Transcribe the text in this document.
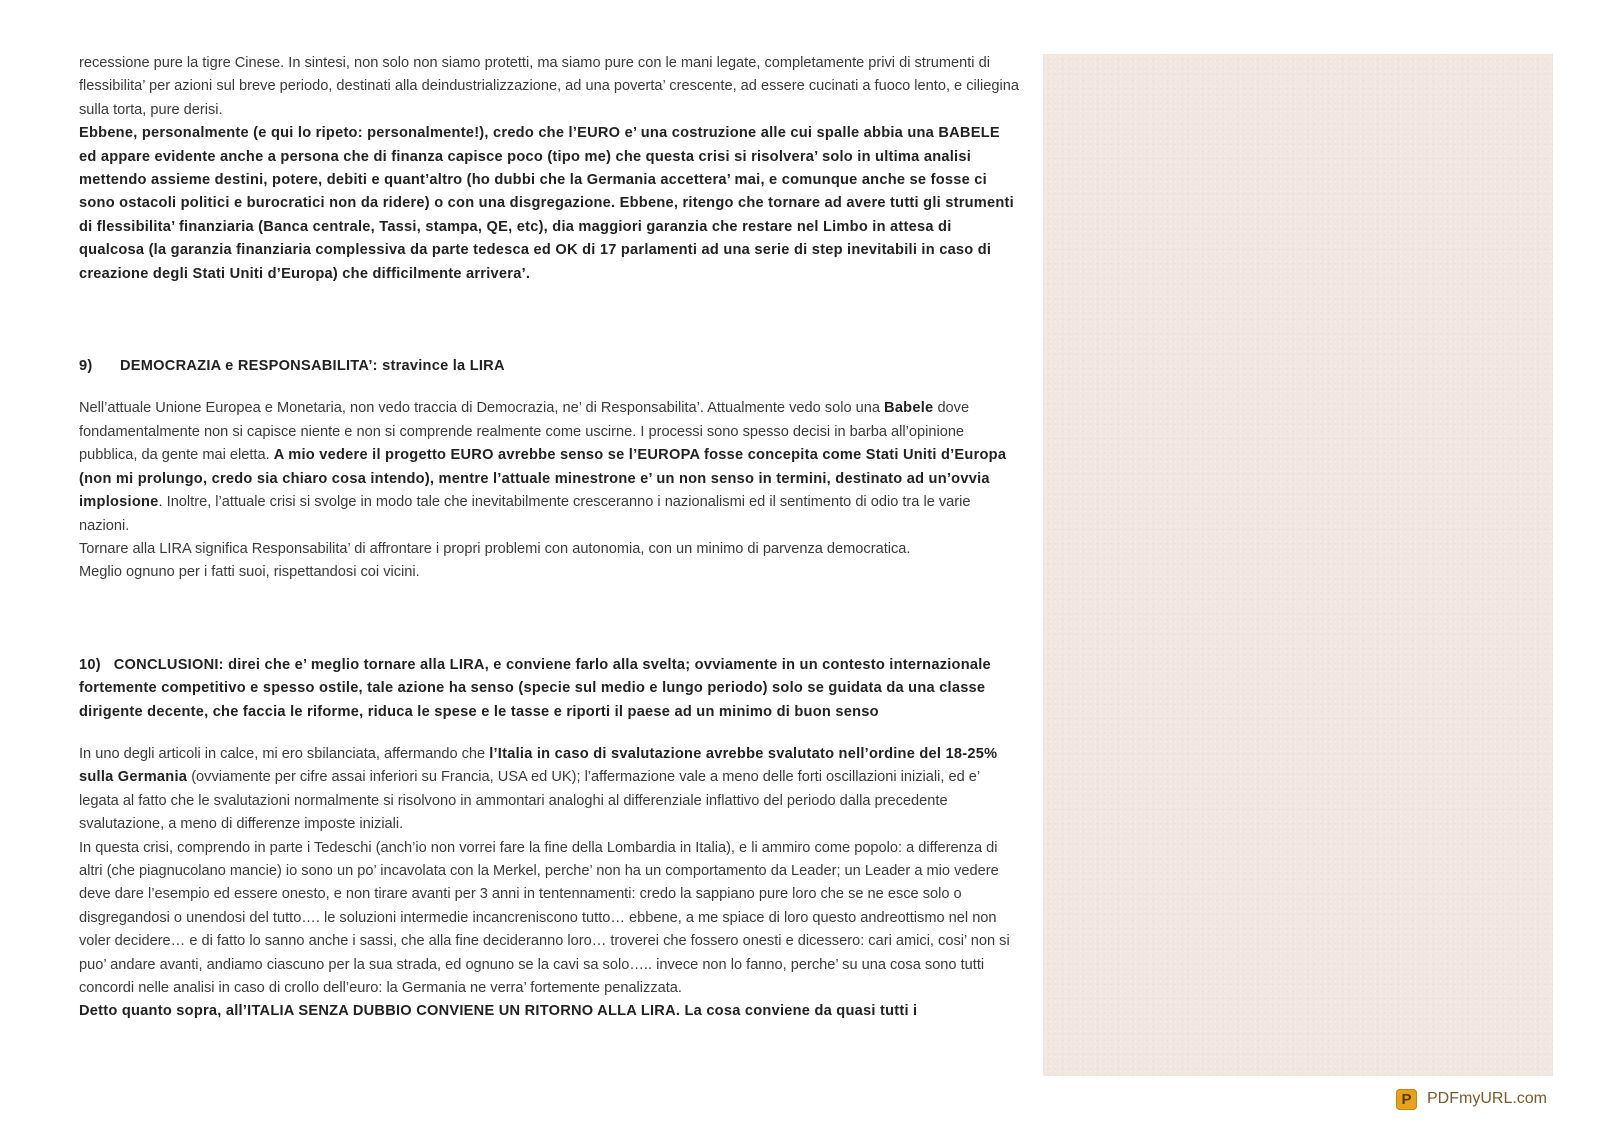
recessione pure la tigre Cinese. In sintesi, non solo non siamo protetti, ma siamo pure con le mani legate, completamente privi di strumenti di flessibilita’ per azioni sul breve periodo, destinati alla deindustrializzazione, ad una poverta’ crescente, ad essere cucinati a fuoco lento, e ciliegina sulla torta, pure derisi.

Ebbene, personalmente (e qui lo ripeto: personalmente!), credo che l’EURO e’ una costruzione alle cui spalle abbia una BABELE ed appare evidente anche a persona che di finanza capisce poco (tipo me) che questa crisi si risolvera’ solo in ultima analisi mettendo assieme destini, potere, debiti e quant’altro (ho dubbi che la Germania accettera’ mai, e comunque anche se fosse ci sono ostacoli politici e burocratici non da ridere) o con una disgregazione. Ebbene, ritengo che tornare ad avere tutti gli strumenti di flessibilita’ finanziaria (Banca centrale, Tassi, stampa, QE, etc), dia maggiori garanzia che restare nel Limbo in attesa di qualcosa (la garanzia finanziaria complessiva da parte tedesca ed OK di 17 parlamenti ad una serie di step inevitabili in caso di creazione degli Stati Uniti d’Europa) che difficilmente arrivera’.

9) DEMOCRAZIA e RESPONSABILITA’: stravince la LIRA

Nell’attuale Unione Europea e Monetaria, non vedo traccia di Democrazia, ne’ di Responsabilita’. Attualmente vedo solo una Babele dove fondamentalmente non si capisce niente e non si comprende realmente come uscirne. I processi sono spesso decisi in barba all’opinione pubblica, da gente mai eletta. A mio vedere il progetto EURO avrebbe senso se l’EUROPA fosse concepita come Stati Uniti d’Europa (non mi prolungo, credo sia chiaro cosa intendo), mentre l’attuale minestrone e’ un non senso in termini, destinato ad un’ovvia implosione. Inoltre, l’attuale crisi si svolge in modo tale che inevitabilmente cresceranno i nazionalismi ed il sentimento di odio tra le varie nazioni.

Tornare alla LIRA significa Responsabilita’ di affrontare i propri problemi con autonomia, con un minimo di parvenza democratica.

Meglio ognuno per i fatti suoi, rispettandosi coi vicini.

10) CONCLUSIONI: direi che e’ meglio tornare alla LIRA, e conviene farlo alla svelta; ovviamente in un contesto internazionale fortemente competitivo e spesso ostile, tale azione ha senso (specie sul medio e lungo periodo) solo se guidata da una classe dirigente decente, che faccia le riforme, riduca le spese e le tasse e riporti il paese ad un minimo di buon senso

In uno degli articoli in calce, mi ero sbilanciata, affermando che l’Italia in caso di svalutazione avrebbe svalutato nell’ordine del 18-25% sulla Germania (ovviamente per cifre assai inferiori su Francia, USA ed UK); l’affermazione vale a meno delle forti oscillazioni iniziali, ed e’ legata al fatto che le svalutazioni normalmente si risolvono in ammontari analoghi al differenziale inflattivo del periodo dalla precedente svalutazione, a meno di differenze imposte iniziali.

In questa crisi, comprendo in parte i Tedeschi (anch’io non vorrei fare la fine della Lombardia in Italia), e li ammiro come popolo: a differenza di altri (che piagnucolano mancie) io sono un po’ incavolata con la Merkel, perche’ non ha un comportamento da Leader; un Leader a mio vedere deve dare l’esempio ed essere onesto, e non tirare avanti per 3 anni in tentennamenti: credo la sappiano pure loro che se ne esce solo o disgregandosi o unendosi del tutto…. le soluzioni intermedie incancreniscono tutto… ebbene, a me spiace di loro questo andreottismo nel non voler decidere… e di fatto lo sanno anche i sassi, che alla fine decideranno loro… troverei che fossero onesti e dicessero: cari amici, cosi’ non si puo’ andare avanti, andiamo ciascuno per la sua strada, ed ognuno se la cavi sa solo….. invece non lo fanno, perche’ su una cosa sono tutti concordi nelle analisi in caso di crollo dell’euro: la Germania ne verra’ fortemente penalizzata.

Detto quanto sopra, all’ITALIA SENZA DUBBIO CONVIENE UN RITORNO ALLA LIRA. La cosa conviene da quasi tutti i

P PDFmyURL.com
